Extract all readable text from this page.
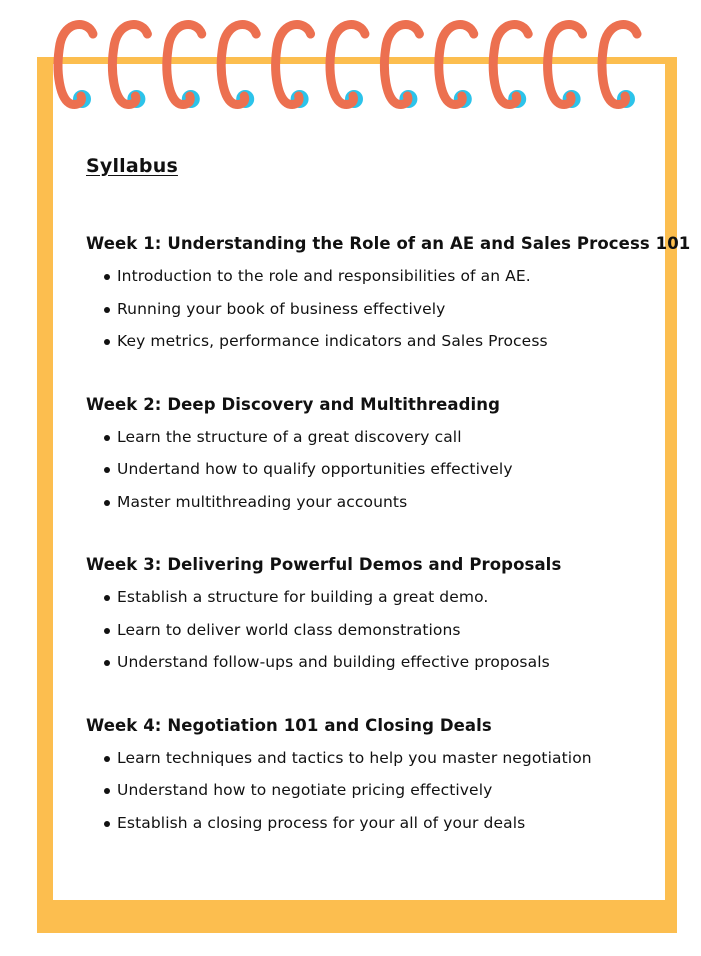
Syllabus
Week 1: Understanding the Role of an AE and Sales Process 101
Introduction to the role and responsibilities of an AE.
Running your book of business effectively
Key metrics, performance indicators and Sales Process
Week 2: Deep Discovery and Multithreading
Learn the structure of a great discovery call
Undertand how to qualify opportunities effectively
Master multithreading your accounts
Week 3: Delivering Powerful Demos and Proposals
Establish a structure for building a great demo.
Learn to deliver world class demonstrations
Understand follow-ups and building effective proposals
Week 4: Negotiation 101 and Closing Deals
Learn techniques and tactics to help you master negotiation
Understand how to negotiate pricing effectively
Establish a closing process for your all of your deals
